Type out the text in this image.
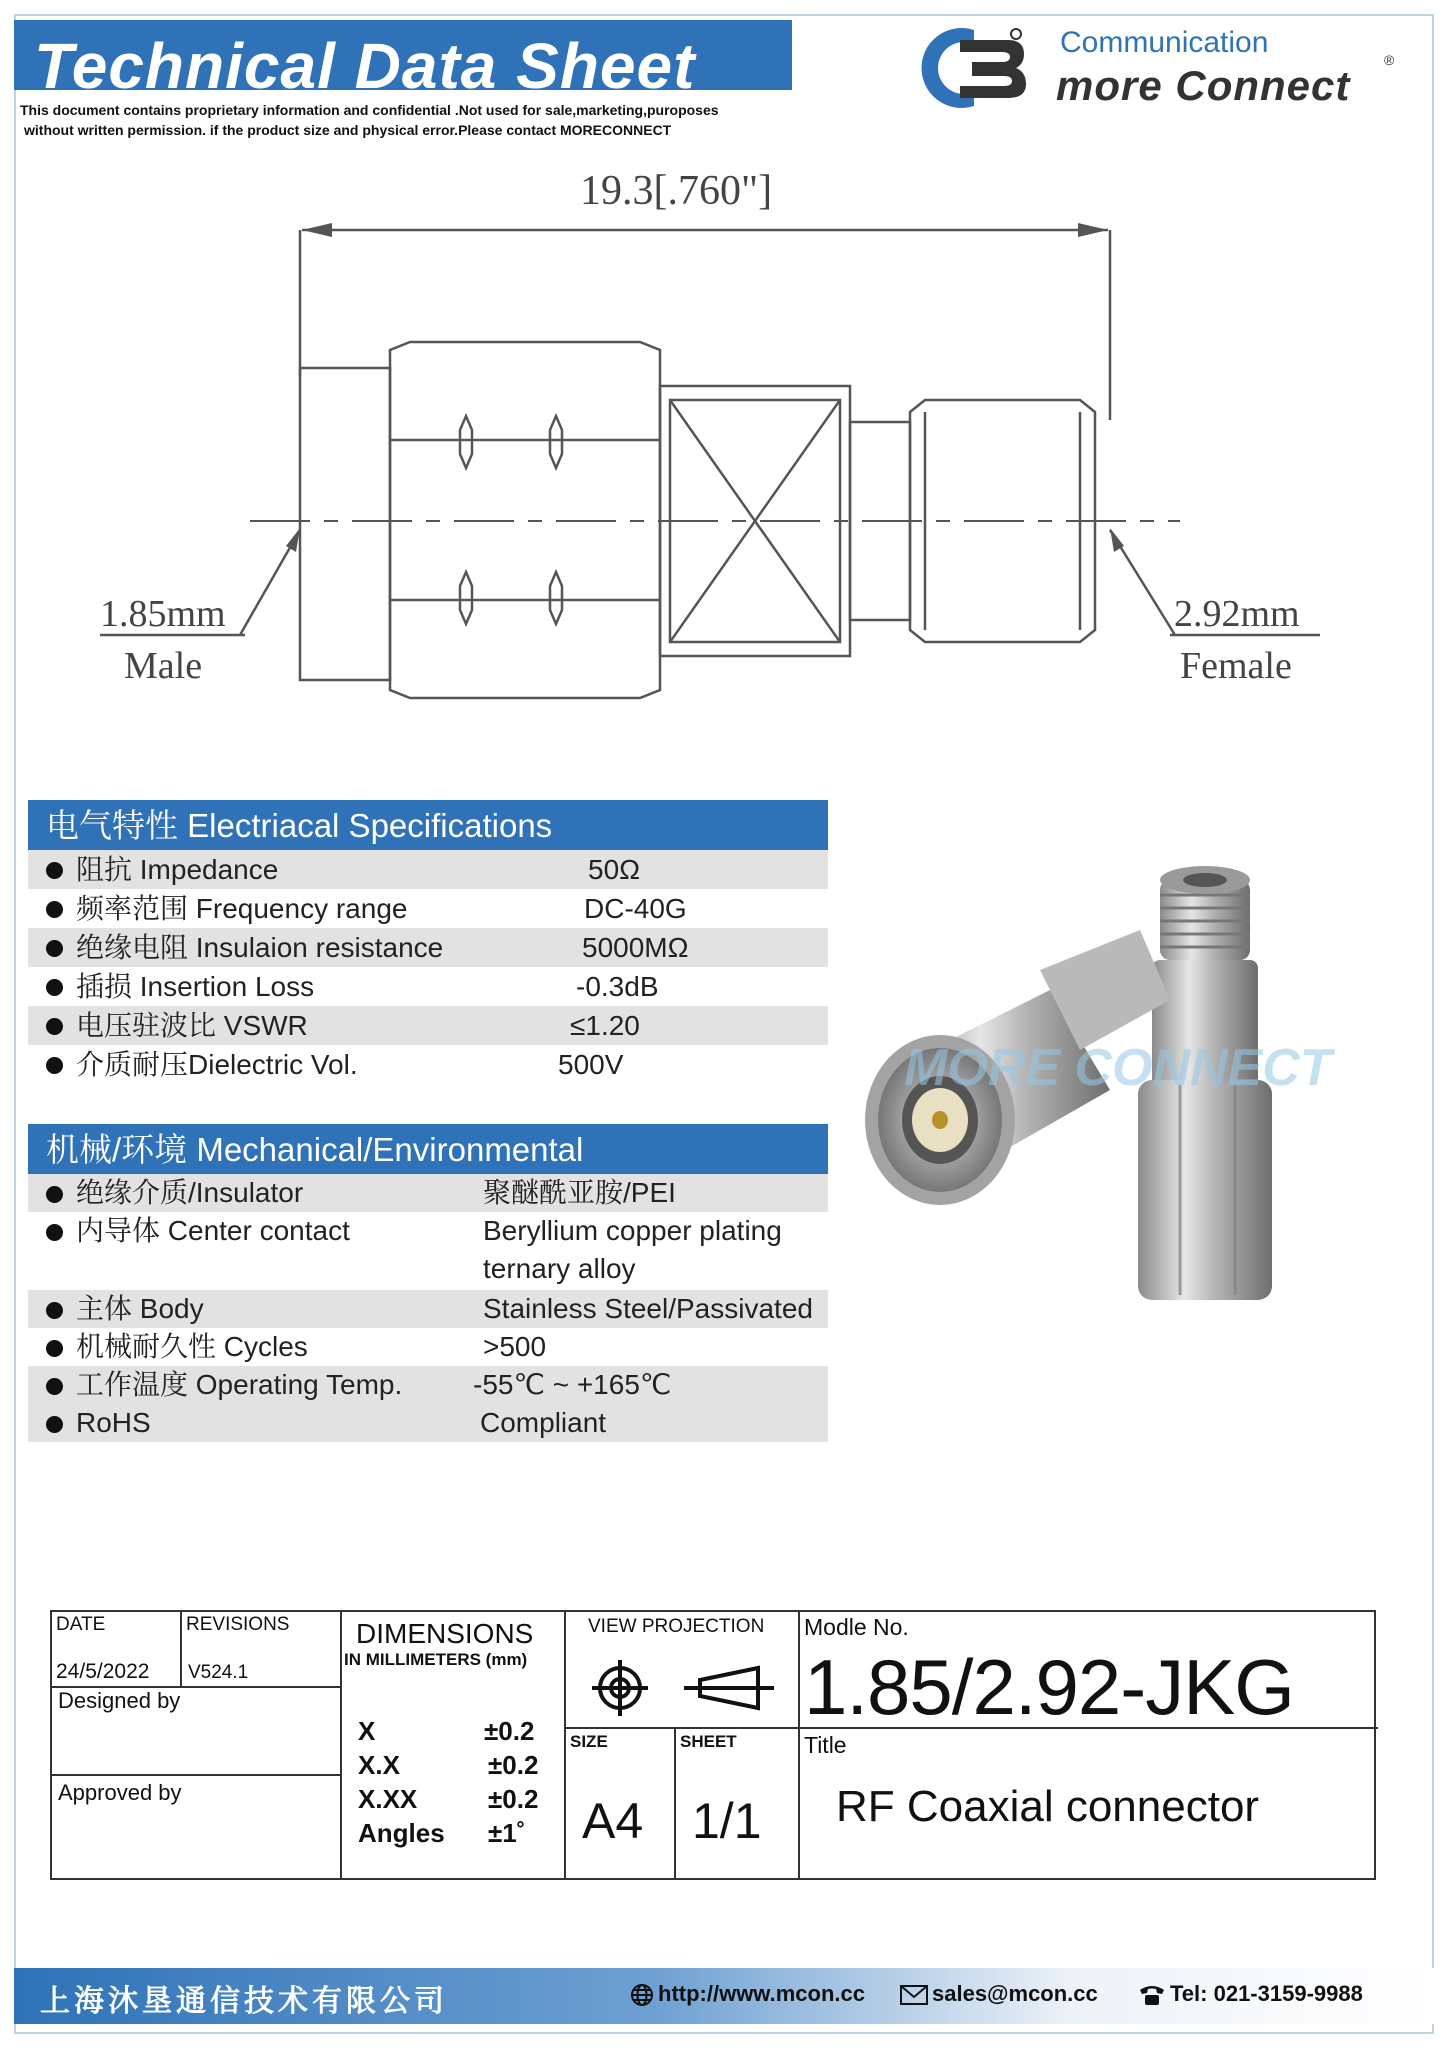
Technical Data Sheet
This document contains proprietary information and confidential .Not used for sale,marketing,puroposes
without written permission. if the product size and physical error.Please contact MORECONNECT
Communication
more Connect
®
19.3[.760"]
1.85mm
Male
2.92mm
Female
电气特性 Electriacal Specifications
阻抗 Impedance	50Ω
频率范围 Frequency range	DC-40G
绝缘电阻 Insulaion resistance	5000MΩ
插损 Insertion Loss	-0.3dB
电压驻波比 VSWR	≤1.20
介质耐压Dielectric Vol.	500V
机械/环境 Mechanical/Environmental
绝缘介质/Insulator	聚醚酰亚胺/PEI
内导体 Center contact	Beryllium copper plating
ternary alloy
主体 Body	Stainless Steel/Passivated
机械耐久性 Cycles	>500
工作温度 Operating Temp.	-55℃ ~ +165℃
RoHS	Compliant
MORE CONNECT
DATE
24/5/2022
REVISIONS
V524.1
Designed by
Approved by
DIMENSIONS
IN MILLIMETERS (mm)
X	±0.2
X.X	±0.2
X.XX	±0.2
Angles ±1˚
VIEW PROJECTION
SIZE
A4
SHEET
1/1
Modle No.
1.85/2.92-JKG
Title
RF Coaxial connector
上海沐垦通信技术有限公司	http://www.mcon.cc	sales@mcon.cc	Tel: 021-3159-9988
